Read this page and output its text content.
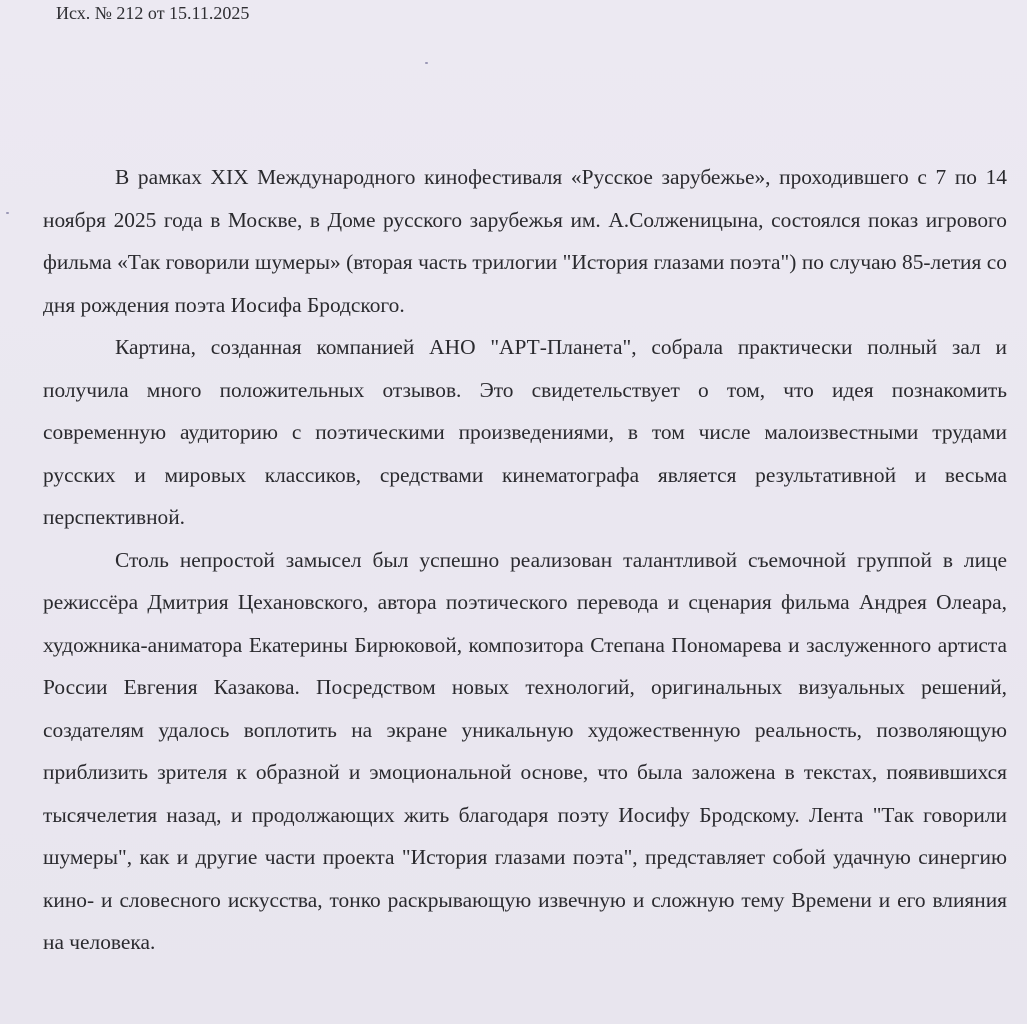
Исх. № 212 от 15.11.2025

В рамках XIX Международного кинофестиваля «Русское зарубежье», проходившего с 7 по 14 ноября 2025 года в Москве, в Доме русского зарубежья им. А.Солженицына, состоялся показ игрового фильма «Так говорили шумеры» (вторая часть трилогии "История глазами поэта") по случаю 85-летия со дня рождения поэта Иосифа Бродского.

Картина, созданная компанией АНО "АРТ-Планета", собрала практически полный зал и получила много положительных отзывов. Это свидетельствует о том, что идея познакомить современную аудиторию с поэтическими произведениями, в том числе малоизвестными трудами русских и мировых классиков, средствами кинематографа является результативной и весьма перспективной.

Столь непростой замысел был успешно реализован талантливой съемочной группой в лице режиссёра Дмитрия Цехановского, автора поэтического перевода и сценария фильма Андрея Олеара, художника-аниматора Екатерины Бирюковой, композитора Степана Пономарева и заслуженного артиста России Евгения Казакова. Посредством новых технологий, оригинальных визуальных решений, создателям удалось воплотить на экране уникальную художественную реальность, позволяющую приблизить зрителя к образной и эмоциональной основе, что была заложена в текстах, появившихся тысячелетия назад, и продолжающих жить благодаря поэту Иосифу Бродскому. Лента "Так говорили шумеры", как и другие части проекта "История глазами поэта", представляет собой удачную синергию кино- и словесного искусства, тонко раскрывающую извечную и сложную тему Времени и его влияния на человека.
